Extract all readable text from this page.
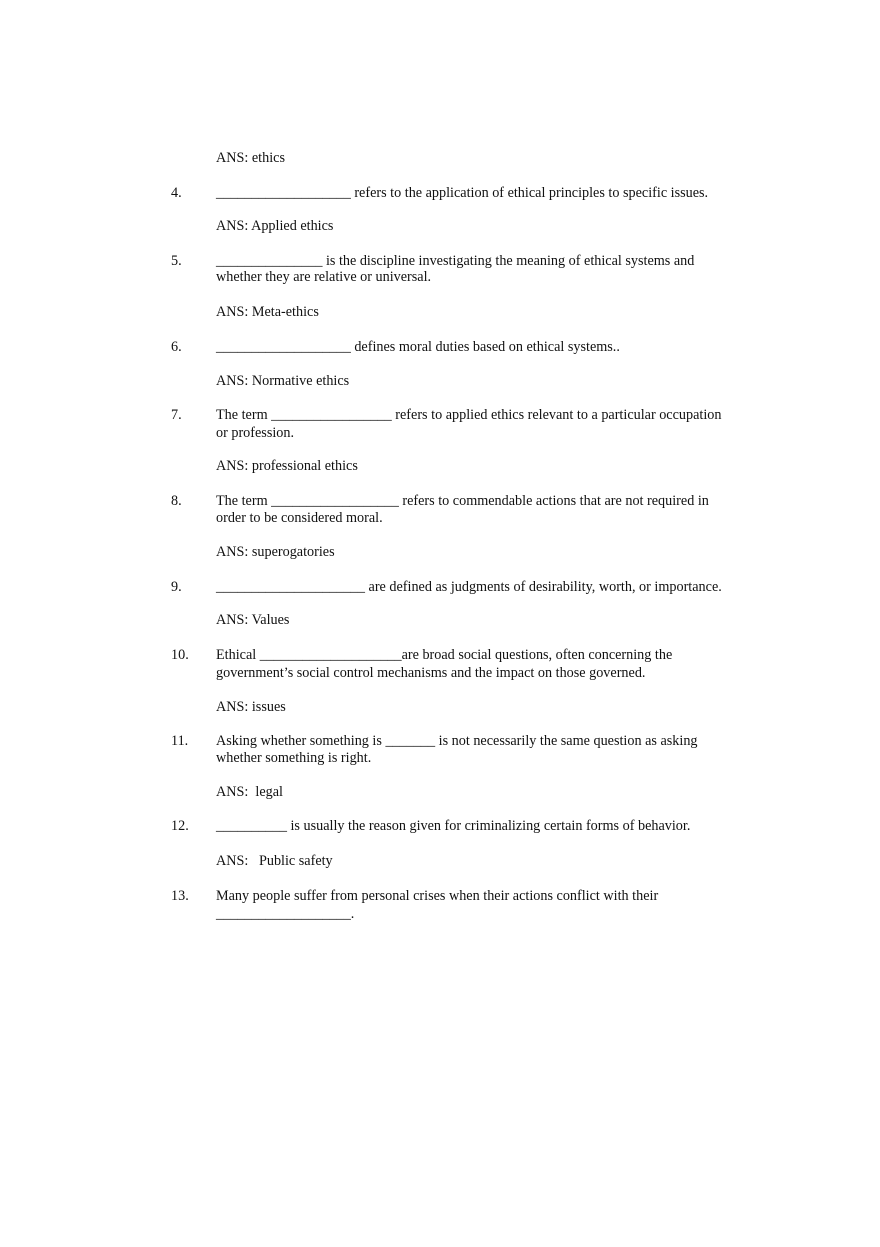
ANS: ethics
4. ___________________ refers to the application of ethical principles to specific issues.
ANS: Applied ethics
5. _______________ is the discipline investigating the meaning of ethical systems and
whether they are relative or universal.
ANS: Meta-ethics
6. ___________________ defines moral duties based on ethical systems..
ANS: Normative ethics
7. The term _________________ refers to applied ethics relevant to a particular occupation
or profession.
ANS: professional ethics
8. The term __________________ refers to commendable actions that are not required in
order to be considered moral.
ANS: superogatories
9. _____________________ are defined as judgments of desirability, worth, or importance.
ANS: Values
10. Ethical ____________________are broad social questions, often concerning the
government’s social control mechanisms and the impact on those governed.
ANS: issues
11. Asking whether something is _______ is not necessarily the same question as asking
whether something is right.
ANS:  legal
12. __________ is usually the reason given for criminalizing certain forms of behavior.
ANS:   Public safety
13. Many people suffer from personal crises when their actions conflict with their
___________________.
